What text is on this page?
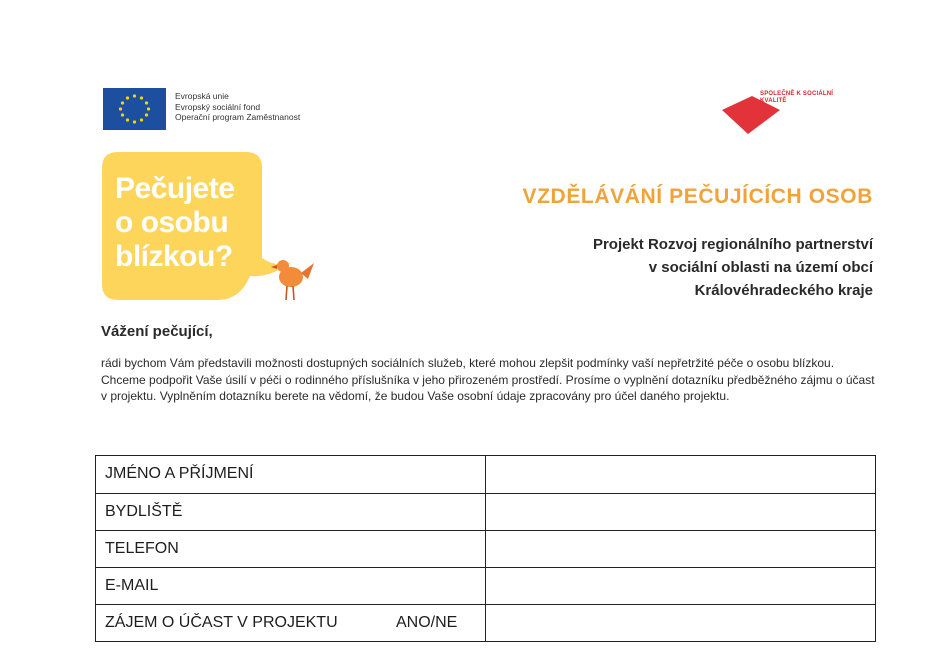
Evropská unie
Evropský sociální fond
Operační program Zaměstnanost
SPOLEČNĚ K SOCIÁLNÍ
KVALITĚ
Pečujete
o osobu
blízkou?
VZDĚLÁVÁNÍ PEČUJÍCÍCH OSOB
Projekt Rozvoj regionálního partnerství
v sociální oblasti na území obcí
Královéhradeckého kraje
Vážení pečující,
rádi bychom Vám představili možnosti dostupných sociálních služeb, které mohou zlepšit podmínky vaší nepřetržité péče o osobu blízkou. Chceme podpořit Vaše úsilí v péči o rodinného příslušníka v jeho přirozeném prostředí. Prosíme o vyplnění dotazníku předběžného zájmu o účast v projektu. Vyplněním dotazníku berete na vědomí, že budou Vaše osobní údaje zpracovány pro účel daného projektu.
JMÉNO A PŘÍJMENÍ
BYDLIŠTĚ
TELEFON
E-MAIL
ZÁJEM O ÚČAST V PROJEKTU	ANO/NE
